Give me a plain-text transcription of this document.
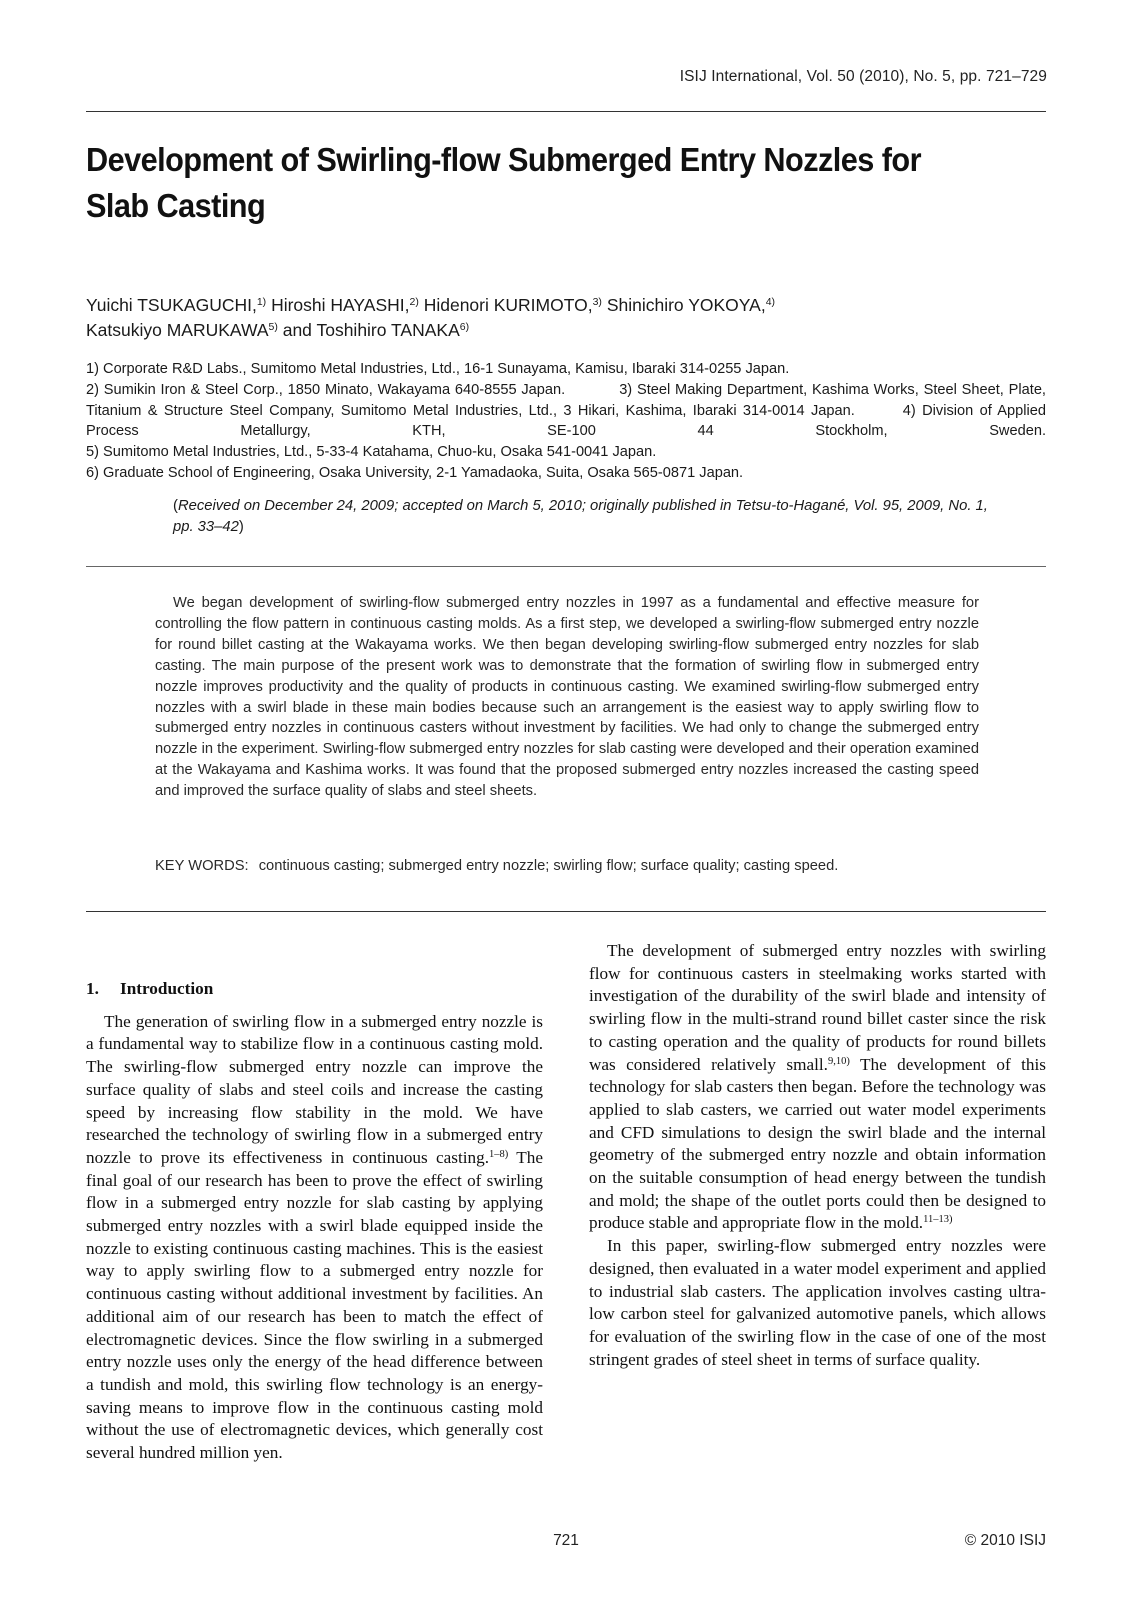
ISIJ International, Vol. 50 (2010), No. 5, pp. 721–729
Development of Swirling-flow Submerged Entry Nozzles for Slab Casting
Yuichi TSUKAGUCHI,$^{1)}$ Hiroshi HAYASHI,$^{2)}$ Hidenori KURIMOTO,$^{3)}$ Shinichiro YOKOYA,$^{4)}$
Katsukiyo MARUKAWA$^{5)}$ and Toshihiro TANAKA$^{6)}$
1) Corporate R&D Labs., Sumitomo Metal Industries, Ltd., 16-1 Sunayama, Kamisu, Ibaraki 314-0255 Japan.
2) Sumikin Iron & Steel Corp., 1850 Minato, Wakayama 640-8555 Japan.	3) Steel Making Department, Kashima Works, Steel Sheet, Plate, Titanium & Structure Steel Company, Sumitomo Metal Industries, Ltd., 3 Hikari, Kashima, Ibaraki 314-0014 Japan.	4) Division of Applied Process Metallurgy, KTH, SE-100 44 Stockholm, Sweden.
5) Sumitomo Metal Industries, Ltd., 5-33-4 Katahama, Chuo-ku, Osaka 541-0041 Japan.
6) Graduate School of Engineering, Osaka University, 2-1 Yamadaoka, Suita, Osaka 565-0871 Japan.
(Received on December 24, 2009; accepted on March 5, 2010; originally published in Tetsu-to-Hagané, Vol. 95, 2009, No. 1, pp. 33–42)
We began development of swirling-flow submerged entry nozzles in 1997 as a fundamental and effective measure for controlling the flow pattern in continuous casting molds. As a first step, we developed a swirling-flow submerged entry nozzle for round billet casting at the Wakayama works. We then began developing swirling-flow submerged entry nozzles for slab casting. The main purpose of the present work was to demonstrate that the formation of swirling flow in submerged entry nozzle improves productivity and the quality of products in continuous casting. We examined swirling-flow submerged entry nozzles with a swirl blade in these main bodies because such an arrangement is the easiest way to apply swirling flow to submerged entry nozzles in continuous casters without investment by facilities. We had only to change the submerged entry nozzle in the experiment. Swirling-flow submerged entry nozzles for slab casting were developed and their operation examined at the Wakayama and Kashima works. It was found that the proposed submerged entry nozzles increased the casting speed and improved the surface quality of slabs and steel sheets.
KEY WORDS: continuous casting; submerged entry nozzle; swirling flow; surface quality; casting speed.
1. Introduction

The generation of swirling flow in a submerged entry nozzle is a fundamental way to stabilize flow in a continuous casting mold. The swirling-flow submerged entry nozzle can improve the surface quality of slabs and steel coils and increase the casting speed by increasing flow stability in the mold. We have researched the technology of swirling flow in a submerged entry nozzle to prove its effectiveness in continuous casting.$^{1-8)}$ The final goal of our research has been to prove the effect of swirling flow in a submerged entry nozzle for slab casting by applying submerged entry nozzles with a swirl blade equipped inside the nozzle to existing continuous casting machines. This is the easiest way to apply swirling flow to a submerged entry nozzle for continuous casting without additional investment by facilities. An additional aim of our research has been to match the effect of electromagnetic devices. Since the flow swirling in a submerged entry nozzle uses only the energy of the head difference between a tundish and mold, this swirling flow technology is an energy-saving means to improve flow in the continuous casting mold without the use of electromagnetic devices, which generally cost several hundred million yen.

The development of submerged entry nozzles with swirling flow for continuous casters in steelmaking works started with investigation of the durability of the swirl blade and intensity of swirling flow in the multi-strand round billet caster since the risk to casting operation and the quality of products for round billets was considered relatively small.$^{9,10)}$ The development of this technology for slab casters then began. Before the technology was applied to slab casters, we carried out water model experiments and CFD simulations to design the swirl blade and the internal geometry of the submerged entry nozzle and obtain information on the suitable consumption of head energy between the tundish and mold; the shape of the outlet ports could then be designed to produce stable and appropriate flow in the mold.$^{11-13)}$

In this paper, swirling-flow submerged entry nozzles were designed, then evaluated in a water model experiment and applied to industrial slab casters. The application involves casting ultra-low carbon steel for galvanized automotive panels, which allows for evaluation of the swirling flow in the case of one of the most stringent grades of steel sheet in terms of surface quality.

721	© 2010 ISIJ
